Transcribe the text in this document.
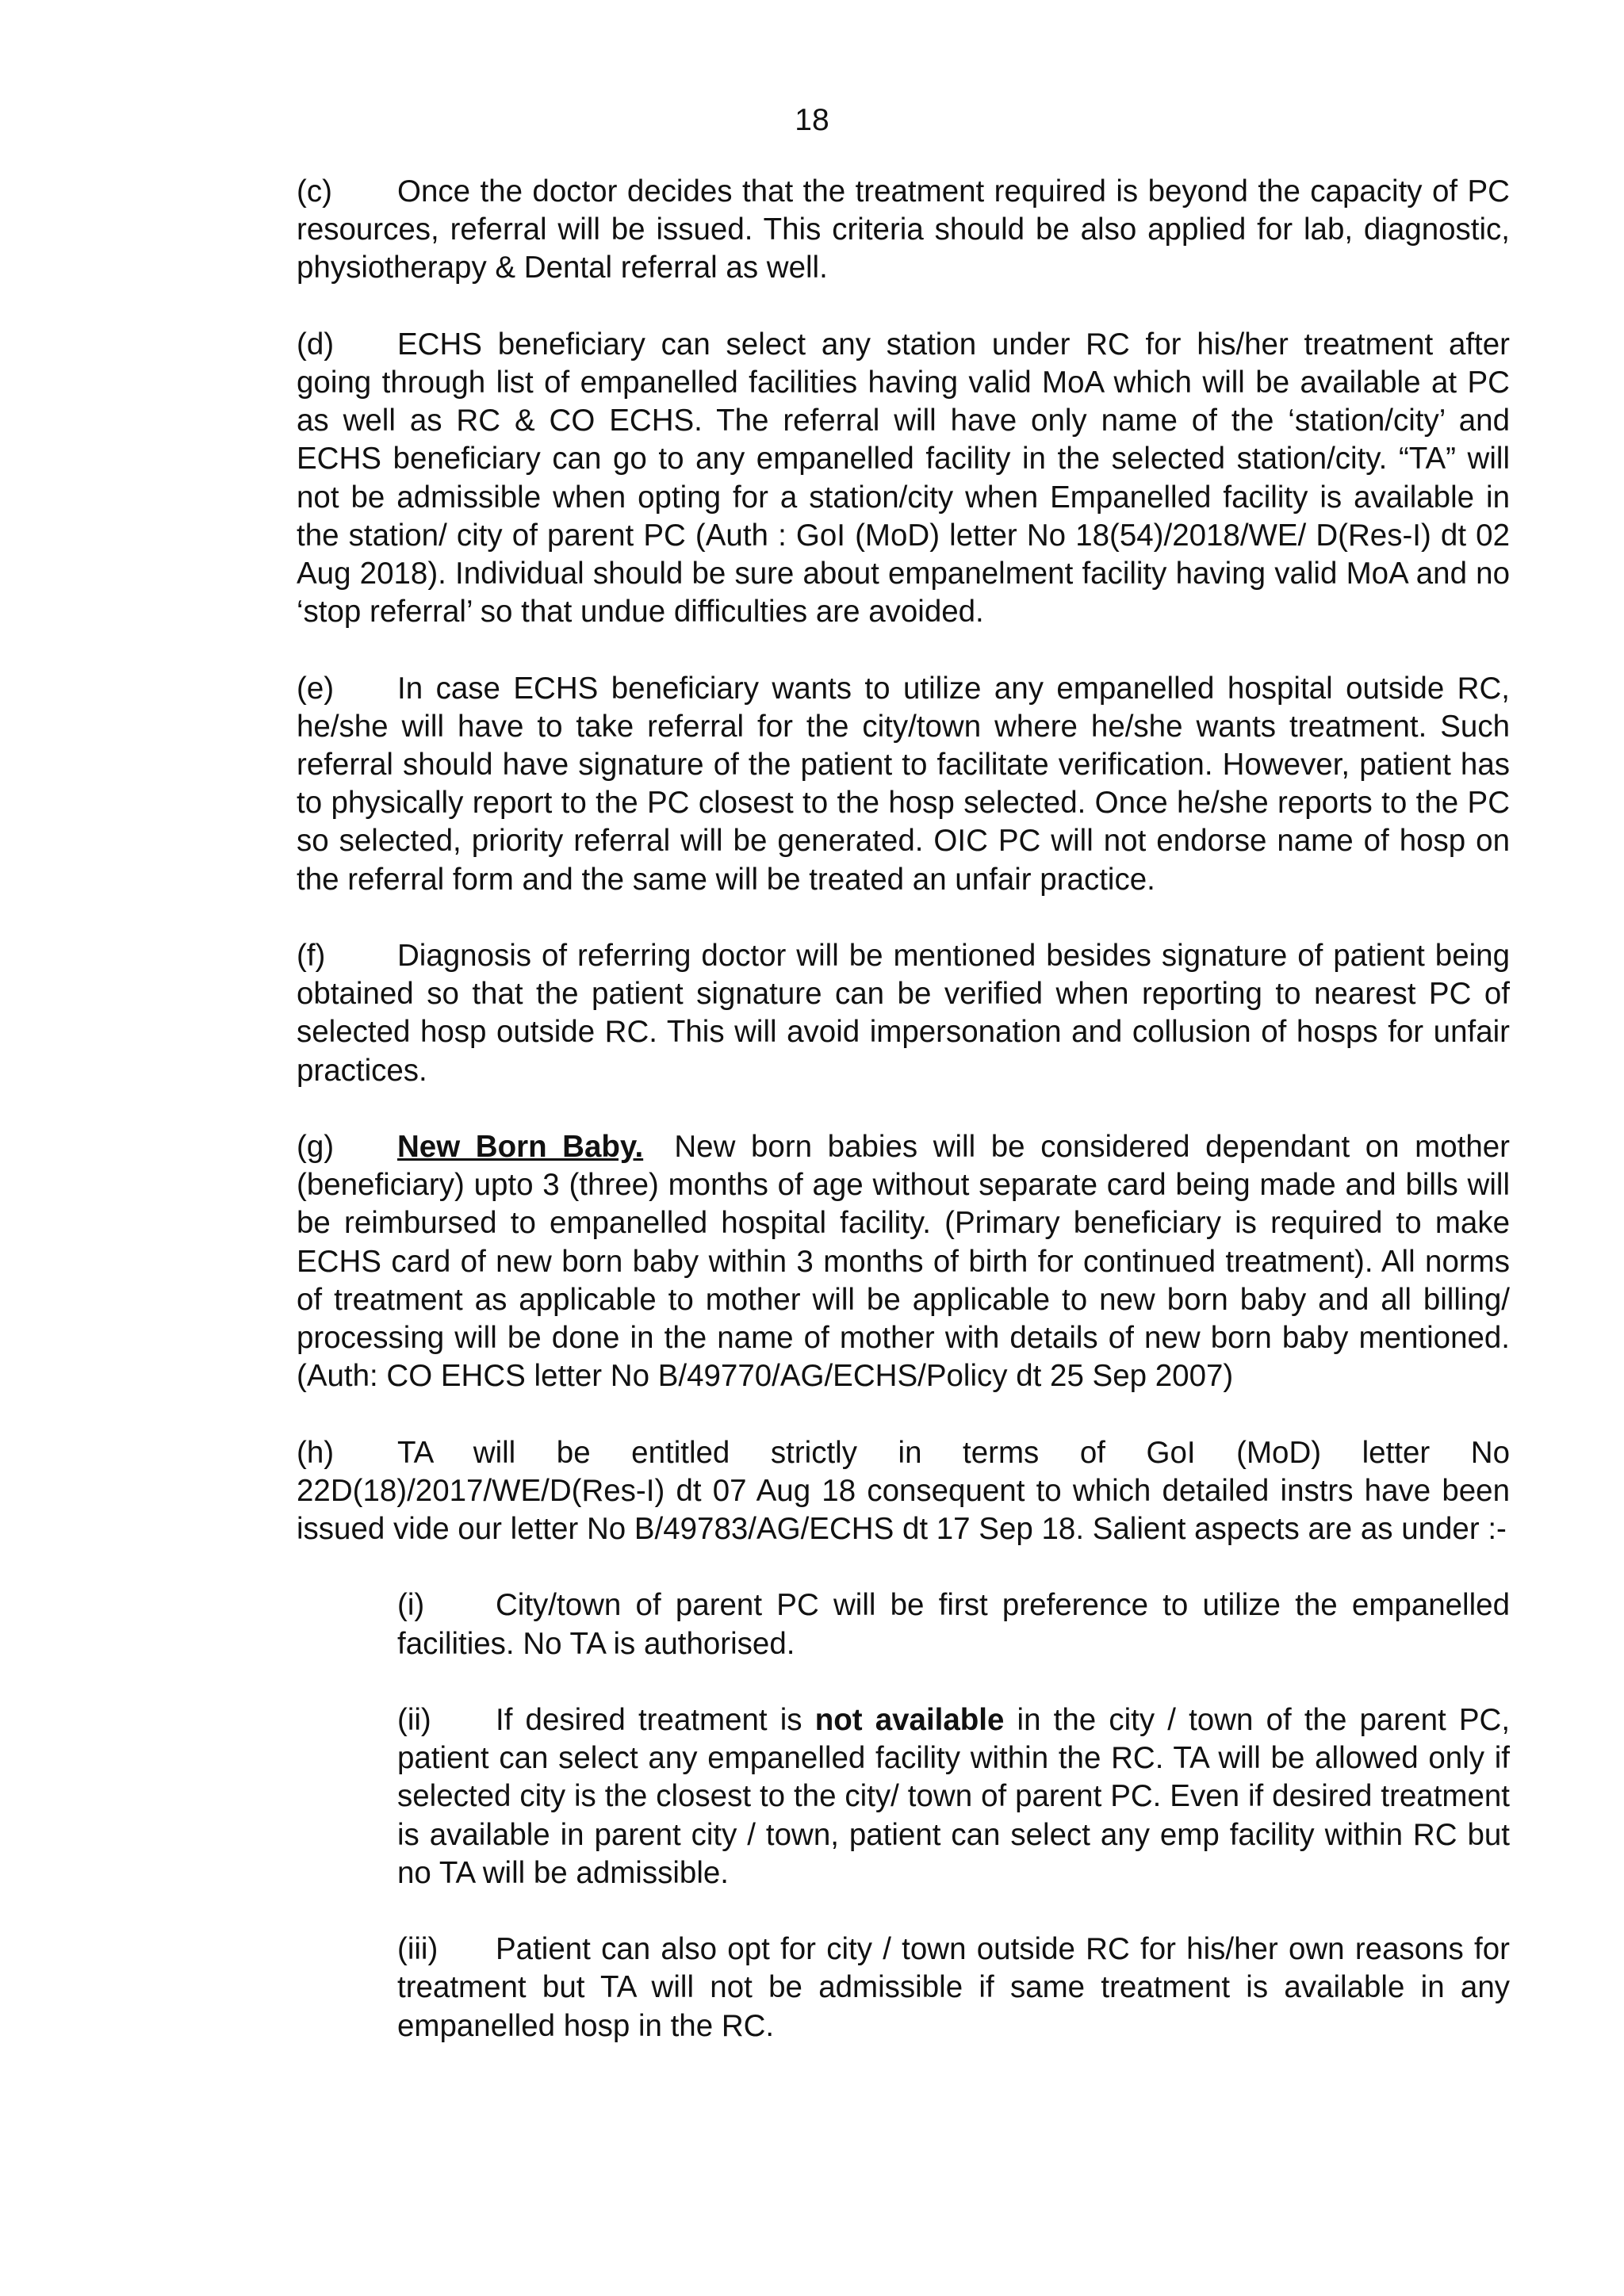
18

(c) Once the doctor decides that the treatment required is beyond the capacity of PC resources, referral will be issued. This criteria should be also applied for lab, diagnostic, physiotherapy & Dental referral as well.

(d) ECHS beneficiary can select any station under RC for his/her treatment after going through list of empanelled facilities having valid MoA which will be available at PC as well as RC & CO ECHS. The referral will have only name of the ‘station/city’ and ECHS beneficiary can go to any empanelled facility in the selected station/city. “TA” will not be admissible when opting for a station/city when Empanelled facility is available in the station/ city of parent PC (Auth : GoI (MoD) letter No 18(54)/2018/WE/ D(Res-I) dt 02 Aug 2018). Individual should be sure about empanelment facility having valid MoA and no ‘stop referral’ so that undue difficulties are avoided.

(e) In case ECHS beneficiary wants to utilize any empanelled hospital outside RC, he/she will have to take referral for the city/town where he/she wants treatment. Such referral should have signature of the patient to facilitate verification. However, patient has to physically report to the PC closest to the hosp selected. Once he/she reports to the PC so selected, priority referral will be generated. OIC PC will not endorse name of hosp on the referral form and the same will be treated an unfair practice.

(f) Diagnosis of referring doctor will be mentioned besides signature of patient being obtained so that the patient signature can be verified when reporting to nearest PC of selected hosp outside RC. This will avoid impersonation and collusion of hosps for unfair practices.

(g) New Born Baby. New born babies will be considered dependant on mother (beneficiary) upto 3 (three) months of age without separate card being made and bills will be reimbursed to empanelled hospital facility. (Primary beneficiary is required to make ECHS card of new born baby within 3 months of birth for continued treatment). All norms of treatment as applicable to mother will be applicable to new born baby and all billing/ processing will be done in the name of mother with details of new born baby mentioned. (Auth: CO EHCS letter No B/49770/AG/ECHS/Policy dt 25 Sep 2007)

(h) TA will be entitled strictly in terms of GoI (MoD) letter No 22D(18)/2017/WE/D(Res-I) dt 07 Aug 18 consequent to which detailed instrs have been issued vide our letter No B/49783/AG/ECHS dt 17 Sep 18. Salient aspects are as under :-

(i) City/town of parent PC will be first preference to utilize the empanelled facilities. No TA is authorised.

(ii) If desired treatment is not available in the city / town of the parent PC, patient can select any empanelled facility within the RC. TA will be allowed only if selected city is the closest to the city/ town of parent PC. Even if desired treatment is available in parent city / town, patient can select any emp facility within RC but no TA will be admissible.

(iii) Patient can also opt for city / town outside RC for his/her own reasons for treatment but TA will not be admissible if same treatment is available in any empanelled hosp in the RC.
